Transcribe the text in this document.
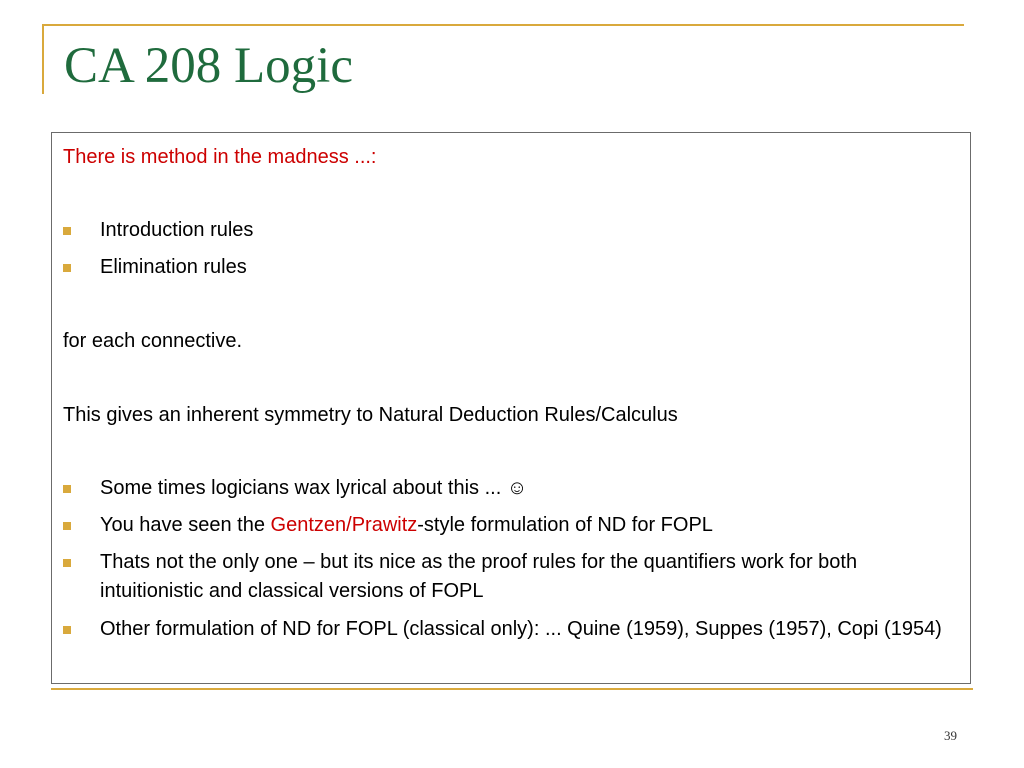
CA 208 Logic
There is method in the madness ...:
Introduction rules
Elimination rules
for each connective.
This gives an inherent symmetry to Natural Deduction Rules/Calculus
Some times logicians wax lyrical about this ... ☺
You have seen the Gentzen/Prawitz-style formulation of ND for FOPL
Thats not the only one – but its nice as the proof rules for the quantifiers work for both intuitionistic and classical versions of FOPL
Other formulation of ND for FOPL (classical only): ... Quine (1959), Suppes (1957), Copi (1954)
39
